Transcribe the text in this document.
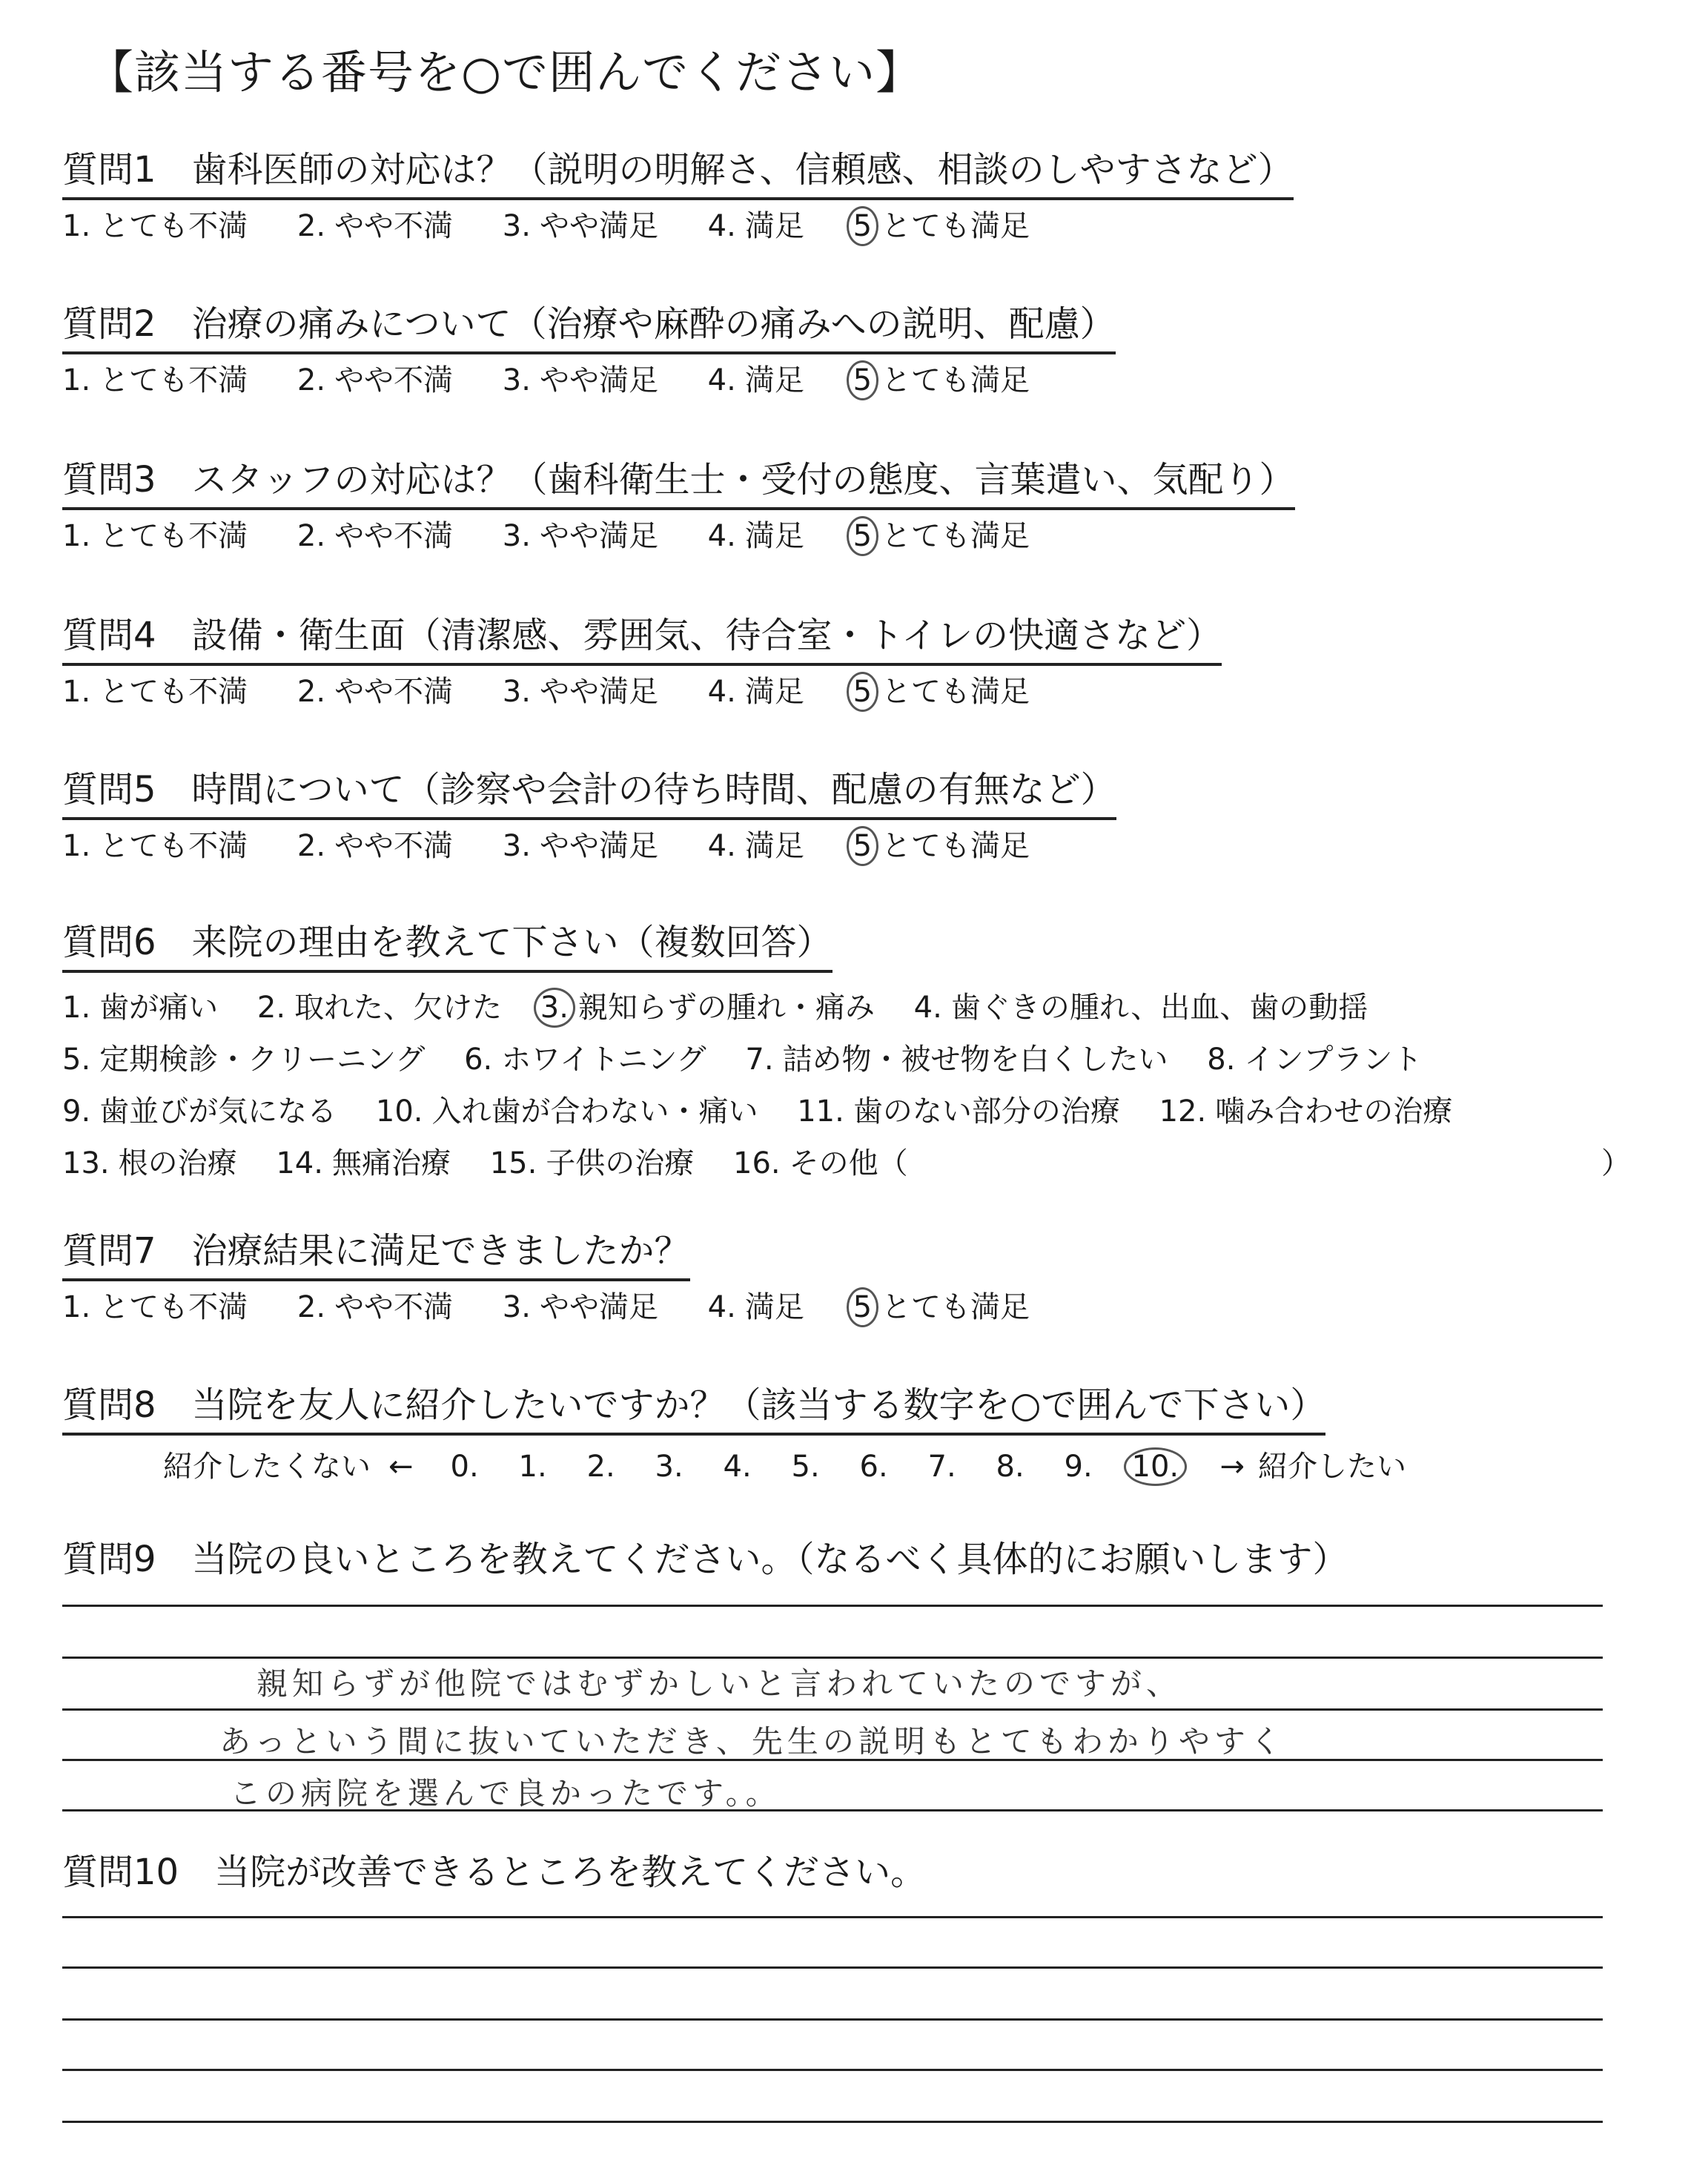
【該当する番号を○で囲んでください】
質問1 歯科医師の対応は？（説明の明解さ、信頼感、相談のしやすさなど）
1. とても不満 2. やや不満 3. やや満足 4. 満足 5 とても満足
質問2 治療の痛みについて（治療や麻酔の痛みへの説明、配慮）
1. とても不満 2. やや不満 3. やや満足 4. 満足 5 とても満足
質問3 スタッフの対応は？（歯科衛生士・受付の態度、言葉遣い、気配り）
1. とても不満 2. やや不満 3. やや満足 4. 満足 5 とても満足
質問4 設備・衛生面（清潔感、雰囲気、待合室・トイレの快適さなど）
1. とても不満 2. やや不満 3. やや満足 4. 満足 5 とても満足
質問5 時間について（診察や会計の待ち時間、配慮の有無など）
1. とても不満 2. やや不満 3. やや満足 4. 満足 5 とても満足
質問6 来院の理由を教えて下さい（複数回答）
1. 歯が痛い 2. 取れた、欠けた 3. 親知らずの腫れ・痛み 4. 歯ぐきの腫れ、出血、歯の動揺
5. 定期検診・クリーニング 6. ホワイトニング 7. 詰め物・被せ物を白くしたい 8. インプラント
9. 歯並びが気になる 10. 入れ歯が合わない・痛い 11. 歯のない部分の治療 12. 噛み合わせの治療
13. 根の治療 14. 無痛治療 15. 子供の治療 16. その他（	）
質問7 治療結果に満足できましたか？
1. とても不満 2. やや不満 3. やや満足 4. 満足 5 とても満足
質問8 当院を友人に紹介したいですか？（該当する数字を○で囲んで下さい）
紹介したくない ← 0. 1. 2. 3. 4. 5. 6. 7. 8. 9. 10. → 紹介したい
質問9 当院の良いところを教えてください。（なるべく具体的にお願いします）
親知らずが他院ではむずかしいと言われていたのですが、
あっという間に抜いていただき、先生の説明もとてもわかりやすく
この病院を選んで良かったです。。
質問10 当院が改善できるところを教えてください。
